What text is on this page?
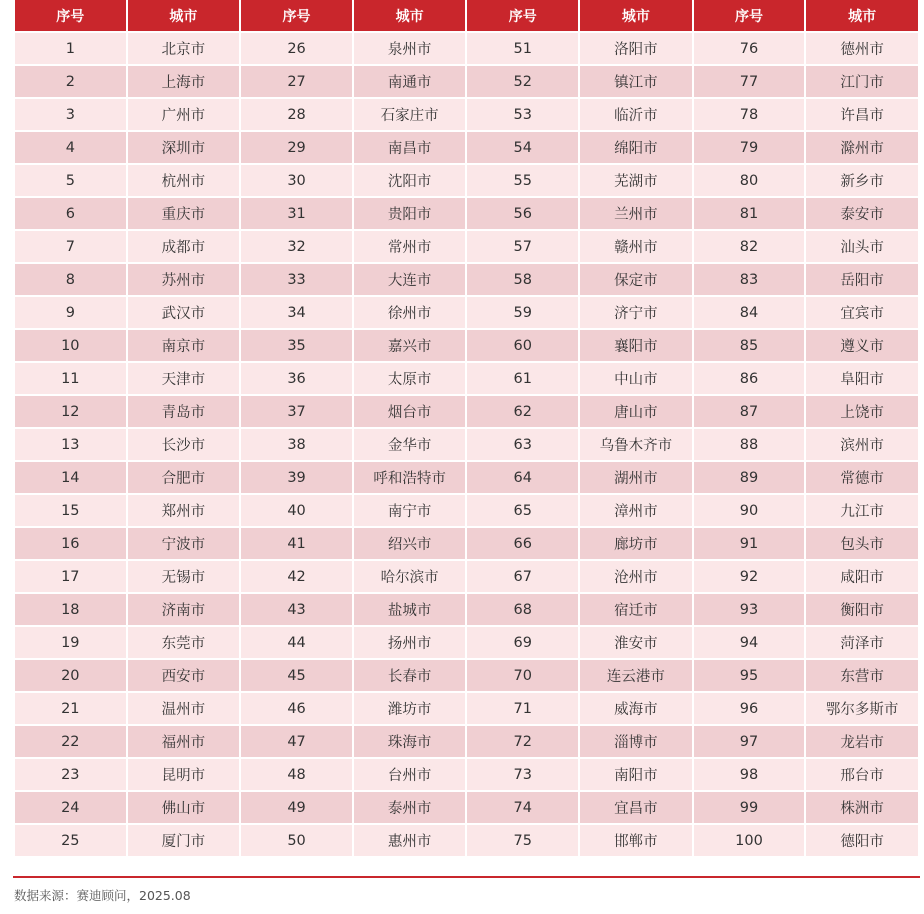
序号	城市	序号	城市	序号	城市	序号	城市
1	北京市	26	泉州市	51	洛阳市	76	德州市
2	上海市	27	南通市	52	镇江市	77	江门市
3	广州市	28	石家庄市	53	临沂市	78	许昌市
4	深圳市	29	南昌市	54	绵阳市	79	滁州市
5	杭州市	30	沈阳市	55	芜湖市	80	新乡市
6	重庆市	31	贵阳市	56	兰州市	81	泰安市
7	成都市	32	常州市	57	赣州市	82	汕头市
8	苏州市	33	大连市	58	保定市	83	岳阳市
9	武汉市	34	徐州市	59	济宁市	84	宜宾市
10	南京市	35	嘉兴市	60	襄阳市	85	遵义市
11	天津市	36	太原市	61	中山市	86	阜阳市
12	青岛市	37	烟台市	62	唐山市	87	上饶市
13	长沙市	38	金华市	63	乌鲁木齐市	88	滨州市
14	合肥市	39	呼和浩特市	64	湖州市	89	常德市
15	郑州市	40	南宁市	65	漳州市	90	九江市
16	宁波市	41	绍兴市	66	廊坊市	91	包头市
17	无锡市	42	哈尔滨市	67	沧州市	92	咸阳市
18	济南市	43	盐城市	68	宿迁市	93	衡阳市
19	东莞市	44	扬州市	69	淮安市	94	菏泽市
20	西安市	45	长春市	70	连云港市	95	东营市
21	温州市	46	潍坊市	71	威海市	96	鄂尔多斯市
22	福州市	47	珠海市	72	淄博市	97	龙岩市
23	昆明市	48	台州市	73	南阳市	98	邢台市
24	佛山市	49	泰州市	74	宜昌市	99	株洲市
25	厦门市	50	惠州市	75	邯郸市	100	德阳市
数据来源：赛迪顾问，2025.08
